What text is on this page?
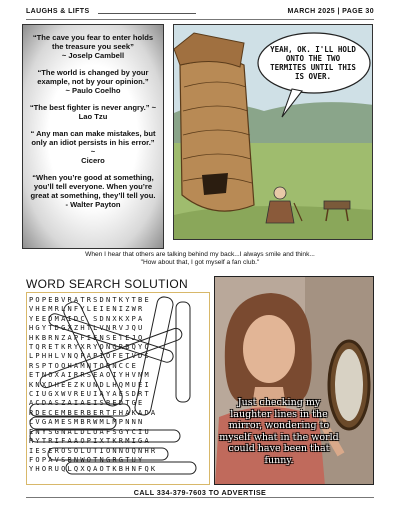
LAUGHS & LIFTS	MARCH 2025 | PAGE 30
“The cave you fear to enter holds the treasure you seek”
~ Joselp Cambell
“The world is changed by your example, not by your opinion.”
~ Paulo Coelho
“The best fighter is never angry.” ~ Lao Tzu
“ Any man can make mistakes, but only an idiot persists in his error.” ~
Cicero
“When you’re good at something, you’ll tell everyone. When you’re great at something, they’ll tell you.
- Walter Payton
YEAH, OK. I'LL HOLD ONTO THE TWO TERMITES UNTIL THIS IS OVER.
When I hear that others are talking behind my back...I always smile and think...
"How about that, I got myself a fan club."
WORD SEARCH SOLUTION
POPEBVRATRSDNTKYTBE
VHEMRLNFYLEIENIZWR
YEEDMAIDC SDNXKXPA
HGYTDGXZHTLVNRVJQU
HKBRNZAPFIENSETEJQ
TQRETKRYXRYONGRBQYQ
LPHHLVNQPAPIOFETVDS
RSPTOOHAMNTODNCCE
ETNOXAIRRSEAOIYHVNM
KNXDHEEZKUNDLHQMUEI
CIUGXWVREUIAYAESDRT
ACDASZAIAEISBEDTGE
RDECEMBERBERTFHAKADA
CVGAMESMBRWMLMPNNN
ENYSGNALDLUAFSGYCIU
RYTRIFAAOPIXTKRMIGA
IESEROSOLUTIONNOQNHR
FOPAVSBNWOTNGRGTUY
YHORUQLQXQAOTKBHNFQK
Just checking my laughter lines in the mirror, wondering to myself what in the world could have been that funny.
CALL 334-379-7603 TO ADVERTISE
